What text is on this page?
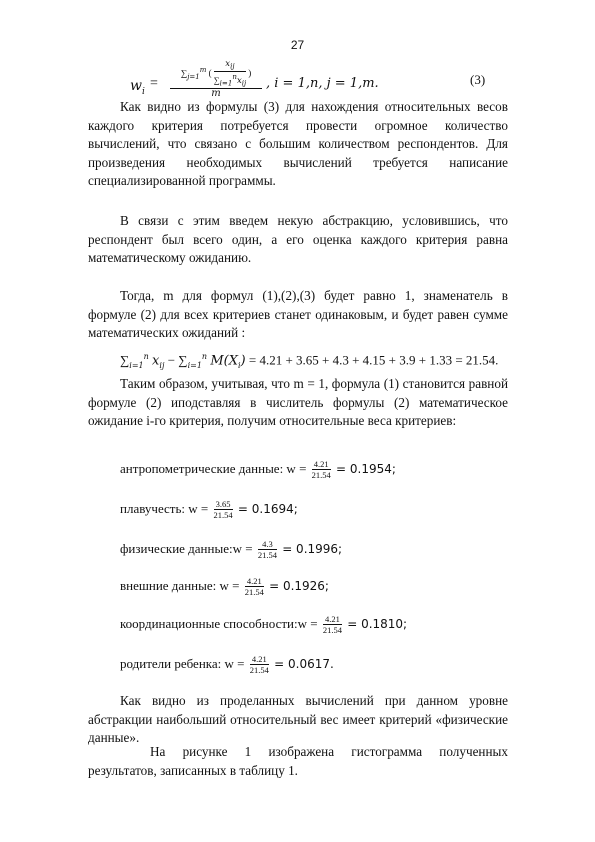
27
$w_i$
=
$\sum_{j=1}^m$ ( $\frac{x_{ij}}{\sum_{i=1}^nx_{ij}}$ )
m
, i = 1,n, j = 1,m.	(3)

Как видно из формулы (3) для нахождения относительных весов каждого критерия потребуется провести огромное количество вычислений, что связано с большим количеством респондентов. Для произведения необходимых вычислений требуется написание специализированной программы.

В связи с этим введем некую абстракцию, условившись, что респондент был всего один, а его оценка каждого критерия равна математическому ожиданию.

Тогда, m для формул (1),(2),(3) будет равно 1, знаменатель в формуле (2) для всех критериев станет одинаковым, и будет равен сумме математических ожиданий :

$\sum_{i=1}^n$ $x_{ij} - \sum_{i=1}^n$ $M(X_i) = 4.21 + 3.65 + 4.3 + 4.15 + 3.9 + 1.33 = 21.54$.

Таким образом, учитывая, что m = 1, формула (1) становится равной формуле (2) иподставляя в числитель формулы (2) математическое ожидание i-го критерия, получим относительные веса критериев:

антропометрические данные: $w = \frac{4.21}{21.54} = 0.1954$;
плавучесть: $w = \frac{3.65}{21.54} = 0.1694$;
физические данные:w = $\frac{4.3}{21.54} = 0.1996$;
внешние данные: $w = \frac{4.21}{21.54} = 0.1926$;
координационные способности:w = $\frac{4.21}{21.54} = 0.1810$;
родители ребенка: $w = \frac{4.21}{21.54} = 0.0617$.

Как видно из проделанных вычислений при данном уровне абстракции наибольший относительный вес имеет критерий «физические данные».

На рисунке 1 изображена гистограмма полученных результатов, записанных в таблицу 1.
